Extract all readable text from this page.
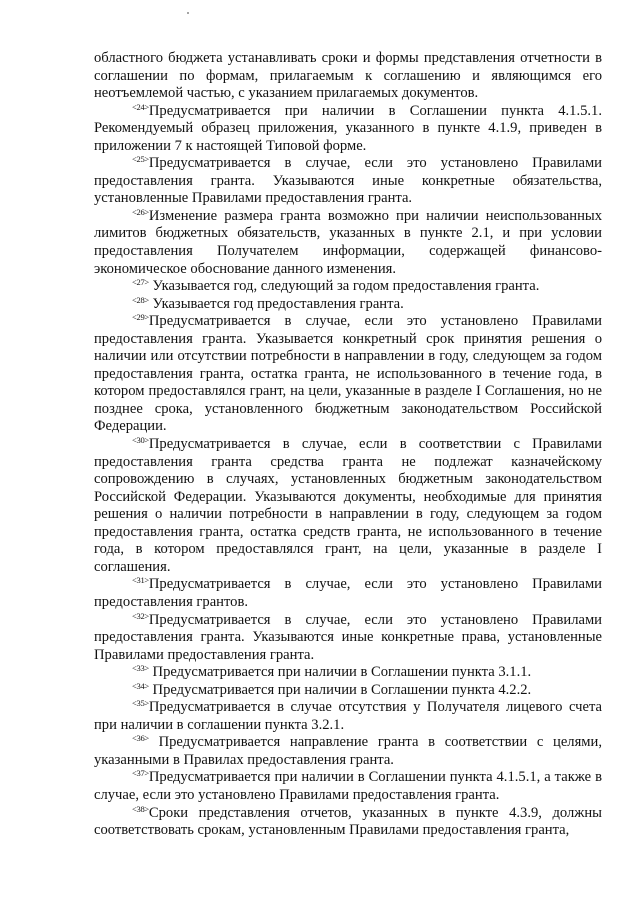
областного бюджета устанавливать сроки и формы представления отчетности в соглашении по формам, прилагаемым к соглашению и являющимся его неотъемлемой частью, с указанием прилагаемых документов.

$^{<24>}$Предусматривается при наличии в Соглашении пункта 4.1.5.1. Рекомендуемый образец приложения, указанного в пункте 4.1.9, приведен в приложении 7 к настоящей Типовой форме.

$^{<25>}$Предусматривается в случае, если это установлено Правилами предоставления гранта. Указываются иные конкретные обязательства, установленные Правилами предоставления гранта.

$^{<26>}$Изменение размера гранта возможно при наличии неиспользованных лимитов бюджетных обязательств, указанных в пункте 2.1, и при условии предоставления Получателем информации, содержащей финансово-экономическое обоснование данного изменения.

$^{<27>}$ Указывается год, следующий за годом предоставления гранта.

$^{<28>}$ Указывается год предоставления гранта.

$^{<29>}$Предусматривается в случае, если это установлено Правилами предоставления гранта. Указывается конкретный срок принятия решения о наличии или отсутствии потребности в направлении в году, следующем за годом предоставления гранта, остатка гранта, не использованного в течение года, в котором предоставлялся грант, на цели, указанные в разделе I Соглашения, но не позднее срока, установленного бюджетным законодательством Российской Федерации.

$^{<30>}$Предусматривается в случае, если в соответствии с Правилами предоставления гранта средства гранта не подлежат казначейскому сопровождению в случаях, установленных бюджетным законодательством Российской Федерации. Указываются документы, необходимые для принятия решения о наличии потребности в направлении в году, следующем за годом предоставления гранта, остатка средств гранта, не использованного в течение года, в котором предоставлялся грант, на цели, указанные в разделе I соглашения.

$^{<31>}$Предусматривается в случае, если это установлено Правилами предоставления грантов.

$^{<32>}$Предусматривается в случае, если это установлено Правилами предоставления гранта. Указываются иные конкретные права, установленные Правилами предоставления гранта.

$^{<33>}$ Предусматривается при наличии в Соглашении пункта 3.1.1.

$^{<34>}$ Предусматривается при наличии в Соглашении пункта 4.2.2.

$^{<35>}$Предусматривается в случае отсутствия у Получателя лицевого счета при наличии в соглашении пункта 3.2.1.

$^{<36>}$ Предусматривается направление гранта в соответствии с целями, указанными в Правилах предоставления гранта.

$^{<37>}$Предусматривается при наличии в Соглашении пункта 4.1.5.1, а также в случае, если это установлено Правилами предоставления гранта.

$^{<38>}$Сроки представления отчетов, указанных в пункте 4.3.9, должны соответствовать срокам, установленным Правилами предоставления гранта,
